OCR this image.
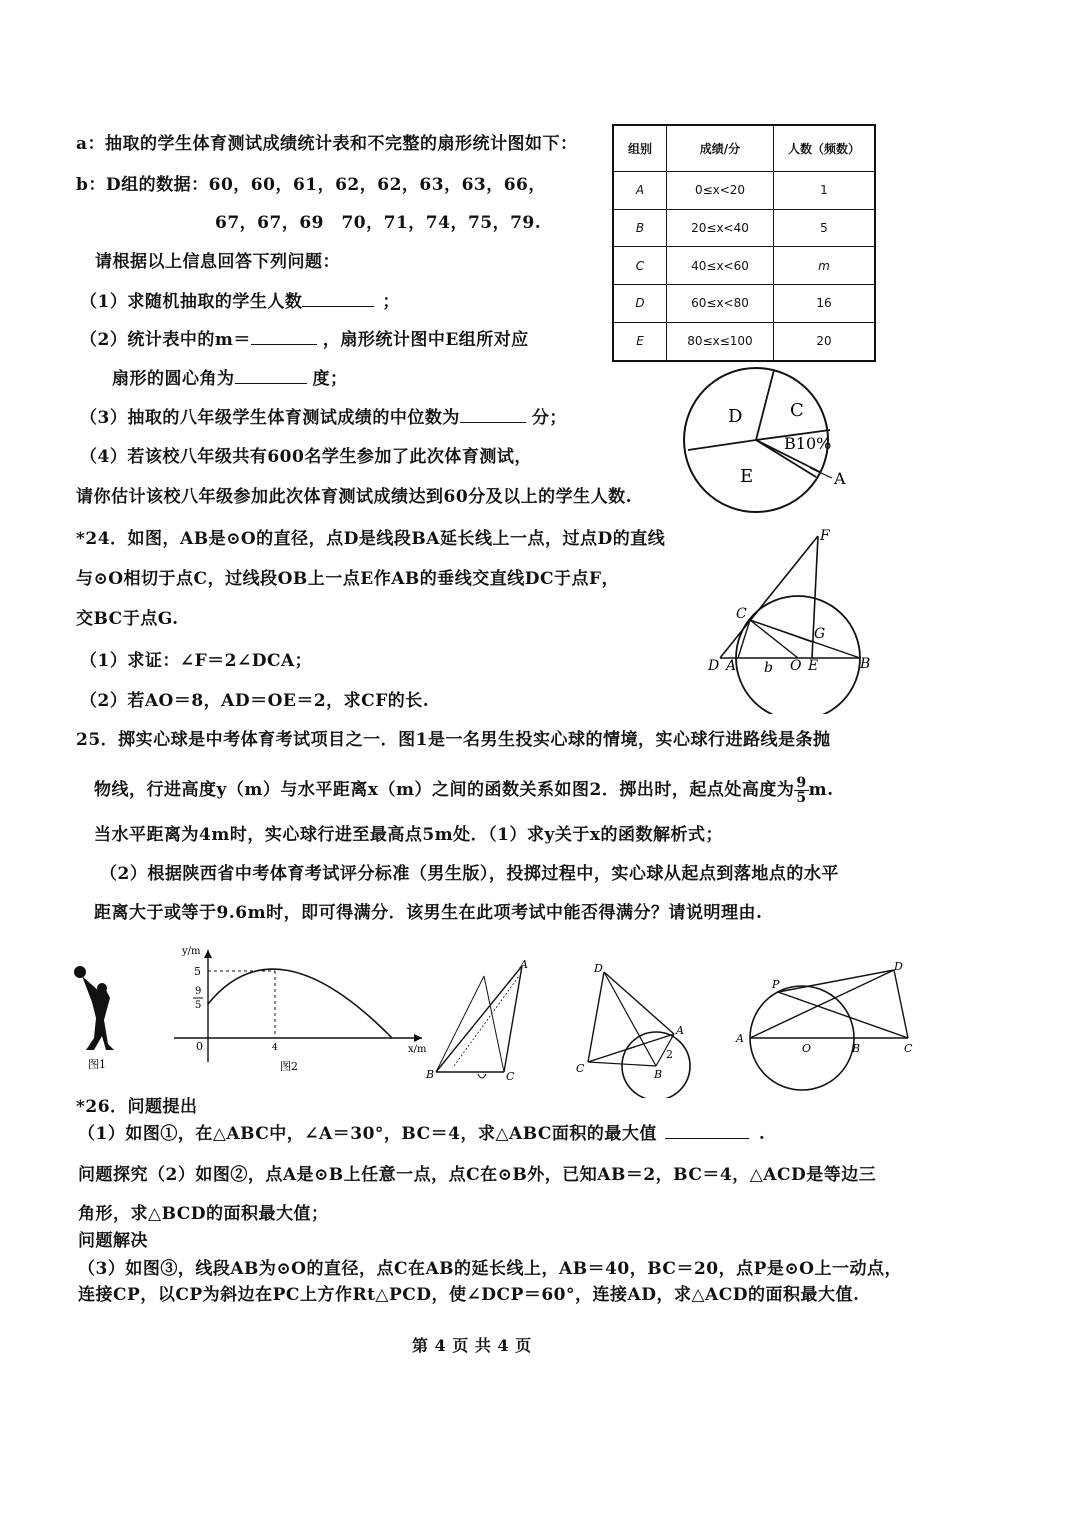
a：抽取的学生体育测试成绩统计表和不完整的扇形统计图如下：
b：D组的数据：60，60，61，62，62，63，63，66，
67，67，69　70，71，74，75，79.
请根据以上信息回答下列问题：
（1）求随机抽取的学生人数	；
（2）统计表中的m＝	，扇形统计图中E组所对应
扇形的圆心角为	度；
（3）抽取的八年级学生体育测试成绩的中位数为	分；
（4）若该校八年级共有600名学生参加了此次体育测试，
请你估计该校八年级参加此次体育测试成绩达到60分及以上的学生人数.
组别	成绩/分	人数（频数）
A	0≤x<20	1
B	20≤x<40	5
C	40≤x<60	m
D	60≤x<80	16
E	80≤x≤100	20
D	C
B10%
E	A
*24．如图，AB是⊙O的直径，点D是线段BA延长线上一点，过点D的直线
与⊙O相切于点C，过线段OB上一点E作AB的垂线交直线DC于点F，
交BC于点G.
（1）求证：∠F＝2∠DCA；
（2）若AO＝8，AD＝OE＝2，求CF的长.
F
C
G
D A b O E	B
25．掷实心球是中考体育考试项目之一．图1是一名男生投实心球的情境，实心球行进路线是条抛
物线，行进高度y（m）与水平距离x（m）之间的函数关系如图2．掷出时，起点处高度为 $\frac{9}{5} m$.
当水平距离为4m时，实心球行进至最高点5m处．（1）求y关于x的函数解析式；
（2）根据陕西省中考体育考试评分标准（男生版），投掷过程中，实心球从起点到落地点的水平
距离大于或等于9.6m时，即可得满分．该男生在此项考试中能否得满分？请说明理由.
图1
y/m
x/m
5
9
5
0	4
图2
A
B	C
D
A
C	B
2
P
D
A
O	B	C
*26．问题提出
（1）如图①，在△ABC中，∠A＝30°，BC＝4，求△ABC面积的最大值	.
问题探究（2）如图②，点A是⊙B上任意一点，点C在⊙B外，已知AB＝2，BC＝4，△ACD是等边三
角形，求△BCD的面积最大值；
问题解决
（3）如图③，线段AB为⊙O的直径，点C在AB的延长线上，AB＝40，BC＝20，点P是⊙O上一动点，
连接CP，以CP为斜边在PC上方作Rt△PCD，使∠DCP＝60°，连接AD，求△ACD的面积最大值.
第 4 页 共 4 页
